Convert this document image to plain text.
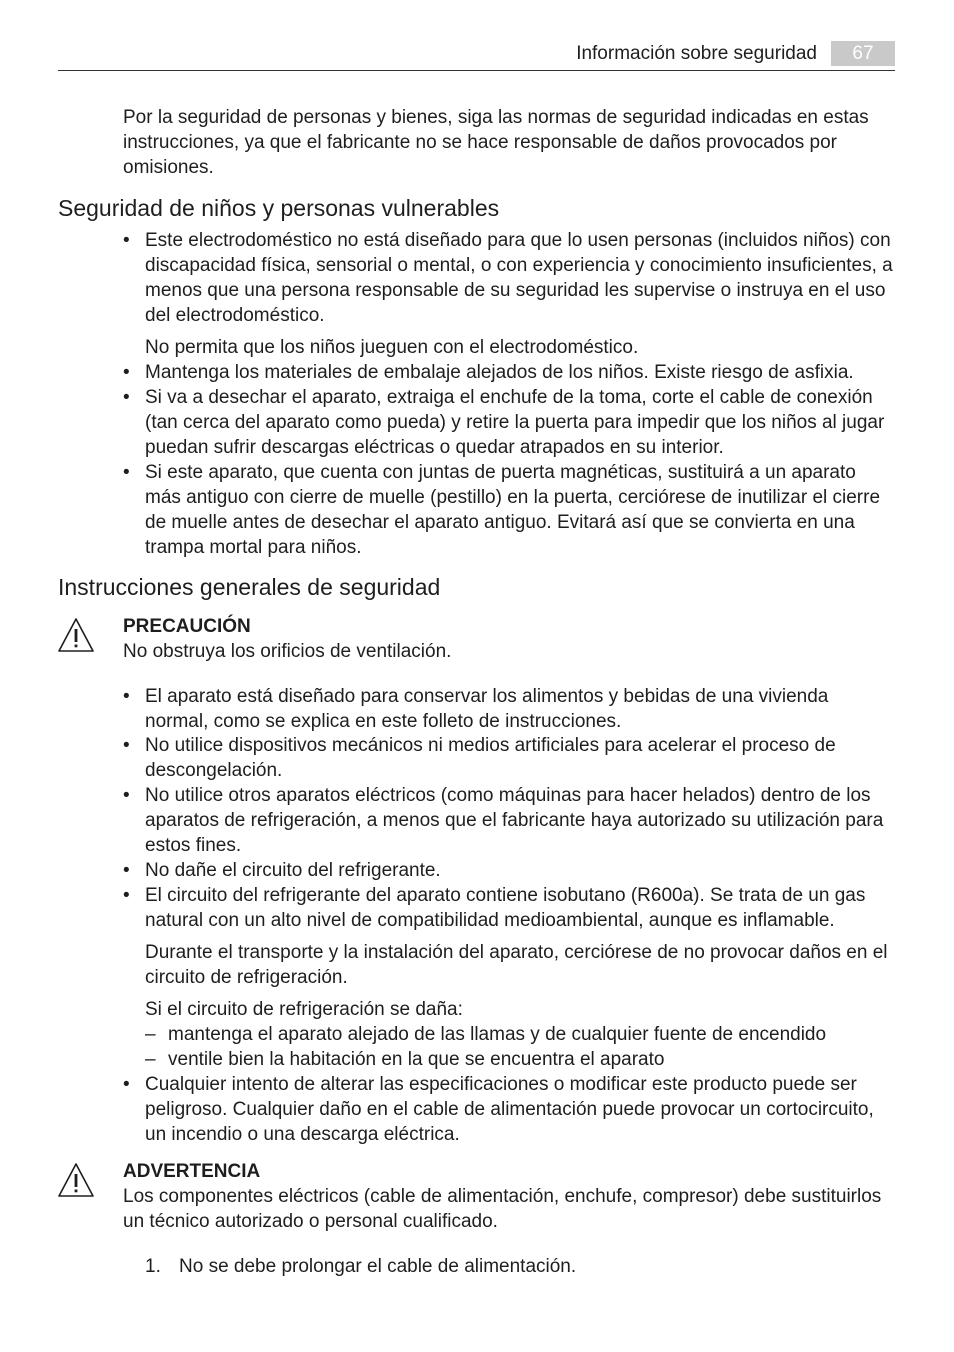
Información sobre seguridad	67

Por la seguridad de personas y bienes, siga las normas de seguridad indicadas en estas instrucciones, ya que el fabricante no se hace responsable de daños provocados por omisiones.

Seguridad de niños y personas vulnerables

• Este electrodoméstico no está diseñado para que lo usen personas (incluidos niños) con discapacidad física, sensorial o mental, o con experiencia y conocimiento insuficientes, a menos que una persona responsable de su seguridad les supervise o instruya en el uso del electrodoméstico.

No permita que los niños jueguen con el electrodoméstico.

• Mantenga los materiales de embalaje alejados de los niños. Existe riesgo de asfixia.

• Si va a desechar el aparato, extraiga el enchufe de la toma, corte el cable de conexión (tan cerca del aparato como pueda) y retire la puerta para impedir que los niños al jugar puedan sufrir descargas eléctricas o quedar atrapados en su interior.

• Si este aparato, que cuenta con juntas de puerta magnéticas, sustituirá a un aparato más antiguo con cierre de muelle (pestillo) en la puerta, cerciórese de inutilizar el cierre de muelle antes de desechar el aparato antiguo. Evitará así que se convierta en una trampa mortal para niños.

Instrucciones generales de seguridad

PRECAUCIÓN

No obstruya los orificios de ventilación.

• El aparato está diseñado para conservar los alimentos y bebidas de una vivienda normal, como se explica en este folleto de instrucciones.

• No utilice dispositivos mecánicos ni medios artificiales para acelerar el proceso de descongelación.

• No utilice otros aparatos eléctricos (como máquinas para hacer helados) dentro de los aparatos de refrigeración, a menos que el fabricante haya autorizado su utilización para estos fines.

• No dañe el circuito del refrigerante.

• El circuito del refrigerante del aparato contiene isobutano (R600a). Se trata de un gas natural con un alto nivel de compatibilidad medioambiental, aunque es inflamable.

Durante el transporte y la instalación del aparato, cerciórese de no provocar daños en el circuito de refrigeración.

Si el circuito de refrigeración se daña:

– mantenga el aparato alejado de las llamas y de cualquier fuente de encendido

– ventile bien la habitación en la que se encuentra el aparato

• Cualquier intento de alterar las especificaciones o modificar este producto puede ser peligroso. Cualquier daño en el cable de alimentación puede provocar un cortocircuito, un incendio o una descarga eléctrica.

ADVERTENCIA

Los componentes eléctricos (cable de alimentación, enchufe, compresor) debe sustituirlos un técnico autorizado o personal cualificado.

1. No se debe prolongar el cable de alimentación.
